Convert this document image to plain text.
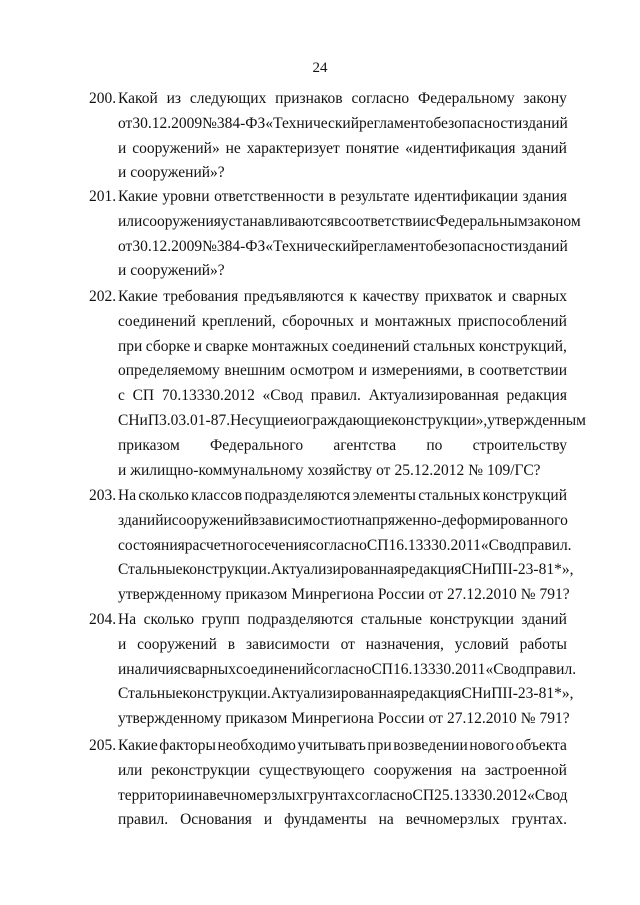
24
200. Какой из следующих признаков согласно Федеральному закону
от 30.12.2009 № 384-ФЗ «Технический регламент о безопасности зданий
и сооружений» не характеризует понятие «идентификация зданий
и сооружений»?
201. Какие уровни ответственности в результате идентификации здания
или сооружения устанавливаются в соответствии с Федеральным законом
от 30.12.2009 № 384-ФЗ «Технический регламент о безопасности зданий
и сооружений»?
202. Какие требования предъявляются к качеству прихваток и сварных
соединений креплений, сборочных и монтажных приспособлений
при сборке и сварке монтажных соединений стальных конструкций,
определяемому внешним осмотром и измерениями, в соответствии
с СП 70.13330.2012 «Свод правил. Актуализированная редакция
СНиП 3.03.01-87. Несущие и ограждающие конструкции», утвержденным
приказом Федерального агентства по строительству
и жилищно-коммунальному хозяйству от 25.12.2012 № 109/ГС?
203. На сколько классов подразделяются элементы стальных конструкций
зданий и сооружений в зависимости от напряженно-деформированного
состояния расчетного сечения согласно СП 16.13330.2011 «Свод правил.
Стальныеконструкции. Актуализированная редакция СНиП II-23-81*»,
утвержденному приказом Минрегиона России от 27.12.2010 № 791?
204. На сколько групп подразделяются стальные конструкции зданий
и сооружений в зависимости от назначения, условий работы
и наличия сварных соединений согласно СП 16.13330.2011 «Свод правил.
Стальные конструкции. Актуализированная редакция СНиП II-23-81*»,
утвержденному приказом Минрегиона России от 27.12.2010 № 791?
205. Какие факторы необходимо учитывать при возведении нового объекта
или реконструкции существующего сооружения на застроенной
территории на вечномерзлых грунтах согласно СП 25.13330.2012 «Свод
правил. Основания и фундаменты на вечномерзлых грунтах.
